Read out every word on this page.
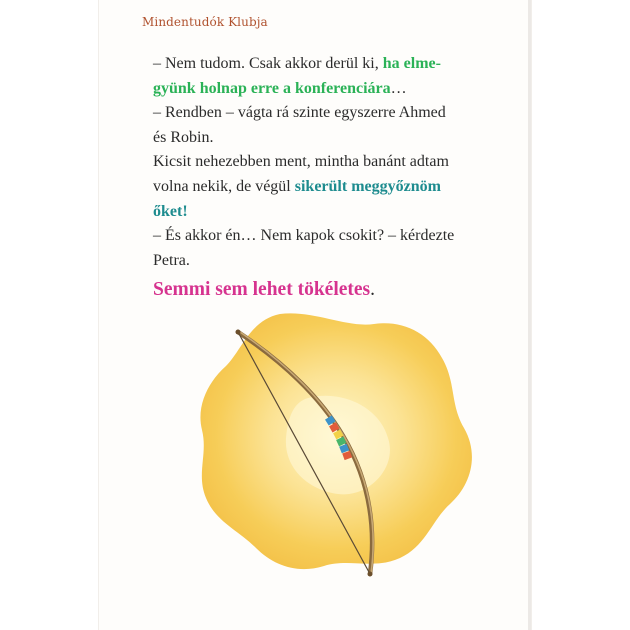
Mindentudók Klubja
– Nem tudom. Csak akkor derül ki, ha elme-
gyünk holnap erre a konferenciára…
– Rendben – vágta rá szinte egyszerre Ahmed
és Robin.
Kicsit nehezebben ment, mintha banánt adtam
volna nekik, de végül sikerült meggyőznöm
őket!
– És akkor én… Nem kapok csokit? – kérdezte
Petra.
Semmi sem lehet tökéletes.
